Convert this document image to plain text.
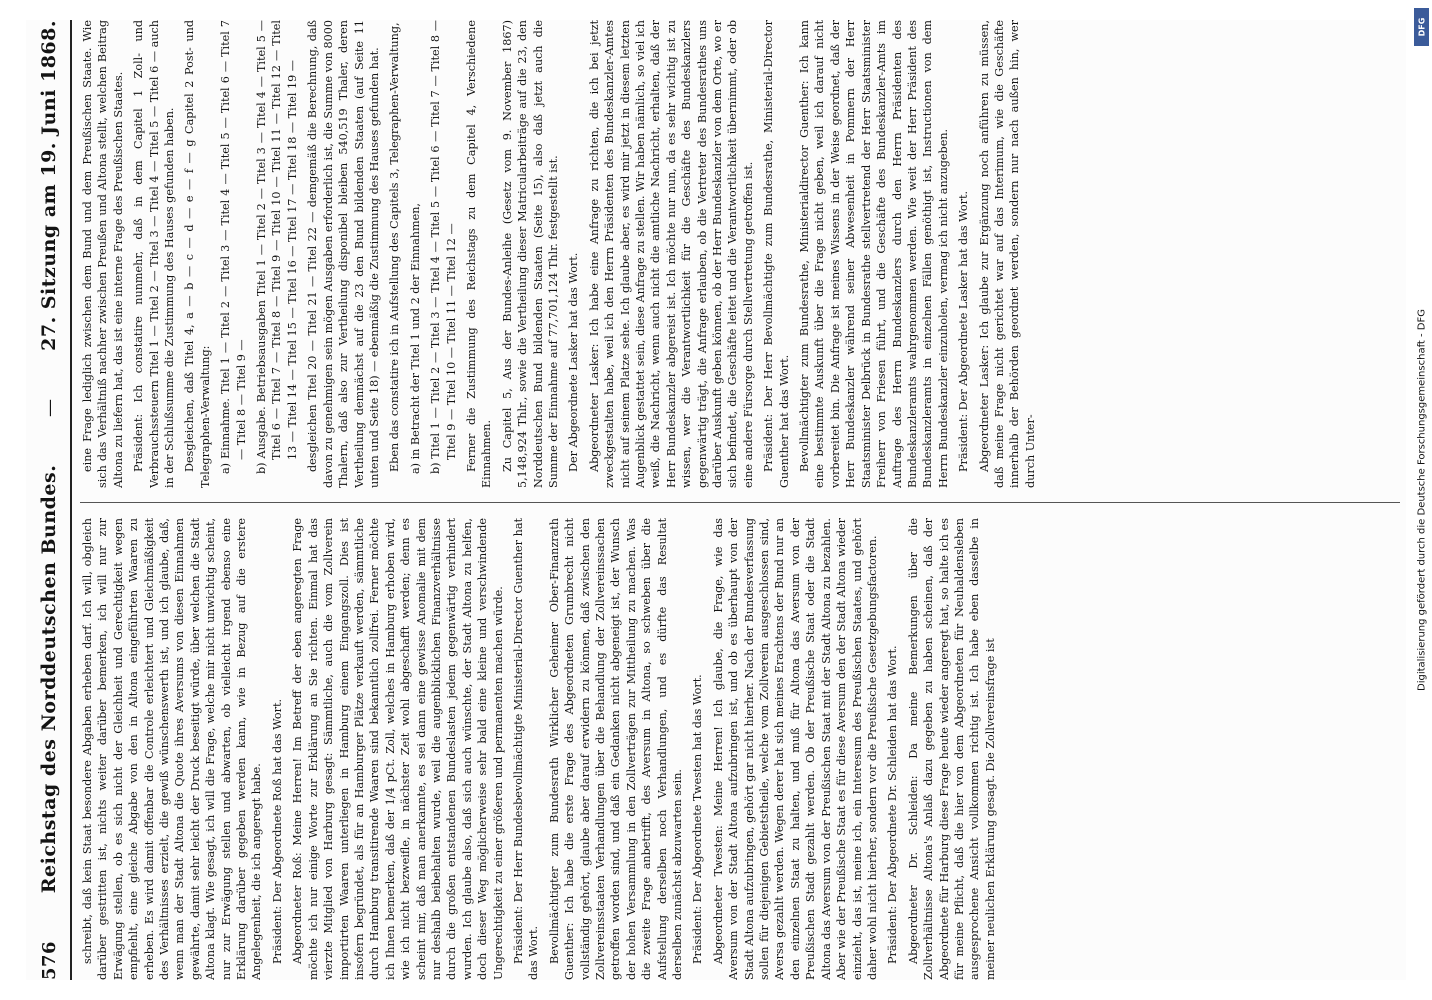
576
Reichstag des Norddeutschen Bundes.
—
27. Sitzung am 19. Juni 1868.

schreibt, daß kein Staat besondere Abgaben erheben darf. Ich will, obgleich darüber gestritten ist, nichts weiter darüber bemerken, ich will nur zur Erwägung stellen, ob es sich nicht der Gleichheit und Gerechtigkeit wegen empfiehlt, eine gleiche Abgabe von den in Altona eingeführten Waaren zu erheben. Es wird damit offenbar die Controle erleichtert und Gleichmäßigkeit des Verhältnisses erzielt, die gewiß wünschenswerth ist, und ich glaube, daß, wenn man der Stadt Altona die Quote ihres Aversums von diesen Einnahmen gewährte, damit sehr leicht der Druck beseitigt würde, über welchen die Stadt Altona klagt. Wie gesagt, ich will die Frage, welche mir nicht unwichtig scheint, nur zur Erwägung stellen und abwarten, ob vielleicht irgend ebenso eine Erklärung darüber gegeben werden kann, wie in Bezug auf die erstere Angelegenheit, die ich angeregt habe. Präsident: Der Abgeordnete Roß hat das Wort. Abgeordneter Roß: Meine Herren! Im Betreff der eben angeregten Frage möchte ich nur einige Worte zur Erklärung an Sie richten. Einmal hat das vierzte Mitglied von Harburg gesagt: Sämmtliche, auch die vom Zollverein importirten Waaren unterliegen in Hamburg einem Eingangszoll. Dies ist insofern begründet, als für an Hamburger Plätze verkauft werden, sämmtliche durch Hamburg transitirende Waaren sind bekanntlich zollfrei. Ferner möchte ich Ihnen bemerken, daß der 1/4 pCt. Zoll, welches in Hamburg erhoben wird, wie ich nicht bezweifle, in nächster Zeit wohl abgeschafft werden; denn es scheint mir, daß man anerkannte, es sei dann eine gewisse Anomalie mit dem nur deshalb beibehalten wurde, weil die augenblicklichen Finanzverhältnisse durch die großen entstandenen Bundeslasten jedem gegenwärtig verhindert wurden. Ich glaube also, daß sich auch wünschte, der Stadt Altona zu helfen, doch dieser Weg möglicherweise sehr bald eine kleine und verschwindende Ungerechtigkeit zu einer größeren und permanenten machen würde. Präsident: Der Herr Bundesbevollmächtigte Ministerial-Director Guenther hat das Wort. Bevollmächtigter zum Bundesrath Wirklicher Geheimer Ober-Finanzrath Guenther: Ich habe die erste Frage des Abgeordneten Grumbrecht nicht vollständig gehört, glaube aber darauf erwidern zu können, daß zwischen den Zollvereinsstaaten Verhandlungen über die Behandlung der Zollvereinssachen getroffen worden sind, und daß ein Gedanken nicht abgeneigt ist, der Wunsch der hohen Versammlung in den Zollverträgen zur Mittheilung zu machen. Was die zweite Frage anbetrifft, des Aversum in Altona, so schweben über die Aufstellung derselben noch Verhandlungen, und es dürfte das Resultat derselben zunächst abzuwarten sein. Präsident: Der Abgeordnete Twesten hat das Wort. Abgeordneter Twesten: Meine Herren! Ich glaube, die Frage, wie das Aversum von der Stadt Altona aufzubringen ist, und ob es überhaupt von der Stadt Altona aufzubringen, gehört gar nicht hierher. Nach der Bundesverfassung sollen für diejenigen Gebietstheile, welche vom Zollverein ausgeschlossen sind, Aversa gezahlt werden. Wegen derer hat sich meines Erachtens der Bund nur an den einzelnen Staat zu halten, und muß für Altona das Aversum von der Preußischen Stadt gezahlt werden. Ob der Preußische Staat oder die Stadt Altona das Aversum von der Preußischen Staat mit der Stadt Altona zu bezahlen. Aber wie der Preußische Staat es für diese Aversum den der Stadt Altona wieder einzieht, das ist, meine ich, ein Interesum des Preußischen Staates, und gehört daher wohl nicht hierher, sondern vor die Preußische Gesetzgebungsfactoren. Präsident: Der Abgeordnete Dr. Schleiden hat das Wort. Abgeordneter Dr. Schleiden: Da meine Bemerkungen über die Zollverhältnisse Altona's Anlaß dazu gegeben zu haben scheinen, daß der Abgeordnete für Harburg diese Frage heute wieder angeregt hat, so halte ich es für meine Pflicht, daß die hier von dem Abgeordneten für Neuhaldensleben ausgesprochene Ansicht vollkommen richtig ist. Ich habe eben dasselbe in meiner neulichen Erklärung gesagt. Die Zollvereinsfrage ist

eine Frage lediglich zwischen dem Bund und dem Preußischen Staate. Wie sich das Verhältniß nachher zwischen Preußen und Altona stellt, welchen Beitrag Altona zu liefern hat, das ist eine interne Frage des Preußischen Staates. Präsident: Ich constatire nunmehr, daß in dem Capitel 1 Zoll- und Verbrauchssteuern Titel 1 — Titel 2 — Titel 3 — Titel 4 — Titel 5 — Titel 6 — auch in der Schlußsumme die Zustimmung des Hauses gefunden haben. Desgleichen, daß Titel 4, a — b — c — d — e — f — g Capitel 2 Post- und Telegraphen-Verwaltung: a) Einnahme. Titel 1 — Titel 2 — Titel 3 — Titel 4 — Titel 5 — Titel 6 — Titel 7 — Titel 8 — Titel 9 — b) Ausgabe. Betriebsausgaben Titel 1 — Titel 2 — Titel 3 — Titel 4 — Titel 5 — Titel 6 — Titel 7 — Titel 8 — Titel 9 — Titel 10 — Titel 11 — Titel 12 — Titel 13 — Titel 14 — Titel 15 — Titel 16 — Titel 17 — Titel 18 — Titel 19 — desgleichen Titel 20 — Titel 21 — Titel 22 — demgemäß die Berechnung, daß davon zu genehmigen sein mögen Ausgaben erforderlich ist, die Summe von 8000 Thalern, daß also zur Vertheilung disponibel bleiben 540,519 Thaler, deren Vertheilung demnächst auf die 23 den Bund bildenden Staaten (auf Seite 11 unten und Seite 18) — ebenmäßig die Zustimmung des Hauses gefunden hat. Eben das constatire ich in Aufstellung des Capitels 3, Telegraphen-Verwaltung, a) in Betracht der Titel 1 und 2 der Einnahmen, b) Titel 1 — Titel 2 — Titel 3 — Titel 4 — Titel 5 — Titel 6 — Titel 7 — Titel 8 — Titel 9 — Titel 10 — Titel 11 — Titel 12 — Ferner die Zustimmung des Reichstags zu dem Capitel 4, Verschiedene Einnahmen. Zu Capitel 5, Aus der Bundes-Anleihe (Gesetz vom 9. November 1867) 5,148,924 Thlr., sowie die Vertheilung dieser Matricularbeiträge auf die 23, den Norddeutschen Bund bildenden Staaten (Seite 15), also daß jetzt auch die Summe der Einnahme auf 77,701,124 Thlr. festgestellt ist. Der Abgeordnete Lasker hat das Wort. Abgeordneter Lasker: Ich habe eine Anfrage zu richten, die ich bei jetzt zweckgestalten habe, weil ich den Herrn Präsidenten des Bundeskanzler-Amtes nicht auf seinem Platze sehe. Ich glaube aber, es wird mir jetzt in diesem letzten Augenblick gestattet sein, diese Anfrage zu stellen. Wir haben nämlich, so viel ich weiß, die Nachricht, wenn auch nicht die amtliche Nachricht, erhalten, daß der Herr Bundeskanzler abgereist ist. Ich möchte nur nun, da es sehr wichtig ist zu wissen, wer die Verantwortlichkeit für die Geschäfte des Bundeskanzlers gegenwärtig trägt, die Anfrage erlauben, ob die Vertreter des Bundesrathes uns darüber Auskunft geben können, ob der Herr Bundeskanzler von dem Orte, wo er sich befindet, die Geschäfte leitet und die Verantwortlichkeit übernimmt, oder ob eine andere Fürsorge durch Stellvertretung getroffen ist. Präsident: Der Herr Bevollmächtigte zum Bundesrathe, Ministerial-Director Guenther hat das Wort. Bevollmächtigter zum Bundesrathe, Ministerialdirector Guenther: Ich kann eine bestimmte Auskunft über die Frage nicht geben, weil ich darauf nicht vorbereitet bin. Die Anfrage ist meines Wissens in der Weise geordnet, daß der Herr Bundeskanzler während seiner Abwesenheit in Pommern der Herr Staatsminister Delbrück in Bundesrathe stellvertretend der Herr Staatsminister Freiherr von Friesen führt, und die Geschäfte des Bundeskanzler-Amts im Auftrage des Herrn Bundeskanzlers durch den Herrn Präsidenten des Bundeskanzleramts wahrgenommen werden. Wie weit der Herr Präsident des Bundeskanzleramts in einzelnen Fällen genöthigt ist, Instructionen von dem Herrn Bundeskanzler einzuholen, vermag ich nicht anzugeben. Präsident: Der Abgeordnete Lasker hat das Wort. Abgeordneter Lasker: Ich glaube zur Ergänzung noch anführen zu müssen, daß meine Frage nicht gerichtet war auf das Interimum, wie die Geschäfte innerhalb der Behörden geordnet werden, sondern nur nach außen hin, wer durch Unter-

DFG
Digitalisierung gefördert durch die Deutsche Forschungsgemeinschaft - DFG
